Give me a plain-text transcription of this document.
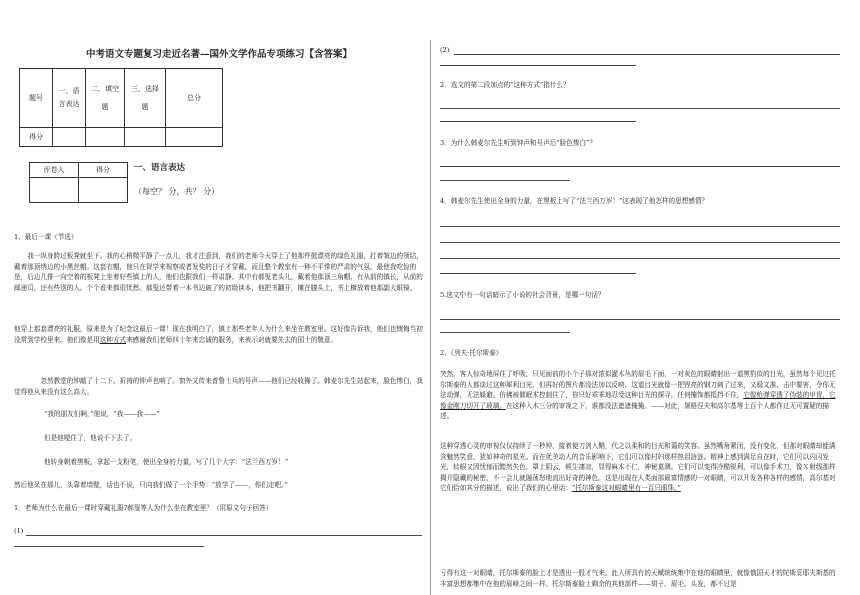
中考语文专题复习走近名著—国外文学作品专项练习【含答案】
题号	一、语言表达	二、填空题	三、选择题	总分
得分				
评卷人	得分
		一、语言表达
（每空？ 分，共？ 分）

1、最后一课（节选）

我一纵身跨过板凳就坐下。我的心稍微平静了一点儿，我才注意到，我们的老师今天穿上了他那件挺漂亮的绿色礼服，打着皱边的领结，戴着那顶绣边的小黑丝帽。这套衣帽，他只在督学来视察或者发奖的日子才穿戴。而且整个教室有一种不平常的严肃的气氛。最使我吃惊的是，后边几排一向空着的板凳上坐着好些镇上的人，他们也跟我们一样肃静。其中有郝叟老头儿，戴着他那顶三角帽，有从前的镇长，从前的邮递员，还有些别的人。个个看来都很忧愁。郝叟还带着一本书边破了的初级读本，他把书翻开，摊在膝头上，书上横放着他那副大眼镜。

他穿上那套漂亮的礼服，原来是为了纪念这最后一课！现在我明白了，镇上那些老年人为什么来坐在教室里。这好像告诉我，他们也懊悔当初没常到学校里来。他们像是用这种方式来感谢我们老师四十年来忠诚的服务，来表示对就要失去的国土的敬意。

忽然教堂的钟敲了十二下。祈祷的钟声也响了。窗外又传来普鲁士兵的号声——他们已经收操了。韩麦尔先生站起来，脸色惨白，我觉得他从来没有这么高大。

“我的朋友们啊，”他说，“我——我——”

但是他哽住了，他说不下去了。

他转身朝着黑板，拿起一支粉笔，使出全身的力量，写了几个大字：“法兰西万岁！”

然后他呆在那儿，头靠着墙壁，话也不说，只向我们做了一个手势：“放学了——，你们走吧。”

1．老师为什么在最后一课时穿戴礼服?郝叟等人为什么坐在教室里？（用原文句子回答）

(1)

(2)

2．选文的第二段加点的“这种方式”指什么？

3．为什么韩麦尔先生听到钟声和号声后“脸色惨白”？

4．韩麦尔先生使出全身的力量，在黑板上写了“法兰西万岁！”这表现了他怎样的思想感情？

5.选文中有一句话暗示了小说的社会背景，是哪一句话？

2、《列夫·托尔斯泰》

突然，客人惊奇地屏住了呼吸，只见面前的小个子那对浓似灌木丛的眉毛下面，一对灰色的眼睛射出一道黑豹似的目光，虽然每个见过托尔斯泰的人都谈过这种犀利目光，但再好的图片都没法加以反映。这道目光就像一把锃亮的钢刀刺了过来，又稳又准，击中要害，令你无法动弹，无法躲避。仿佛被催眠术控制住了，你只好乖乖地忍受这种目光的探寻，任何掩饰都抵挡不住，它像枪弹穿透了伪装的甲胄，它像金刚刀切开了玻璃。在这种入木三分的审视之下，谁都没法遮遮掩掩。——对此，屠格涅夫和高尔基等上百个人都作过无可置疑的描述。

这种穿透心灵的审视仅仅持续了一秒钟，接着便刀剑入鞘，代之以柔和的目光和蔼的笑容。虽然嘴角紧闭，没有变化，但那对眼睛却能满含魅然笑意，犹如神奇的星光。而在优美动人的音乐影响下，它们可以像村妇那样热泪涟涟。精神上感到满足自在时，它们可以闪闪发光，转眼又因忧郁而黯然失色，罩上阴云，顿生凄凉，显得麻木不仁，神秘莫测。它们可以变得冷酷锐利，可以像手术刀，像Ｘ射线那样揭开隐藏的秘密，不一会儿就融荡怒地流出好奇的神色。这是出现在人类面部最富情感的一对眼睛，可以开发各种各样的感情，高尔基对它们恰如其分的描述，说出了我们的心里话：“托尔斯泰这对眼睛里有一百只眼珠。”

亏得有这一对眼睛，托尔斯泰的脸上才是透出一股才气来。此人所具有的天赋统统集中在他的眼睛里，就像俄国天才的陀斯妥耶夫斯基的丰富思想都集中在他的眉峰之间一样。托尔斯泰脸上剩余的其他部件——胡子、眉毛、头发，都不过是
